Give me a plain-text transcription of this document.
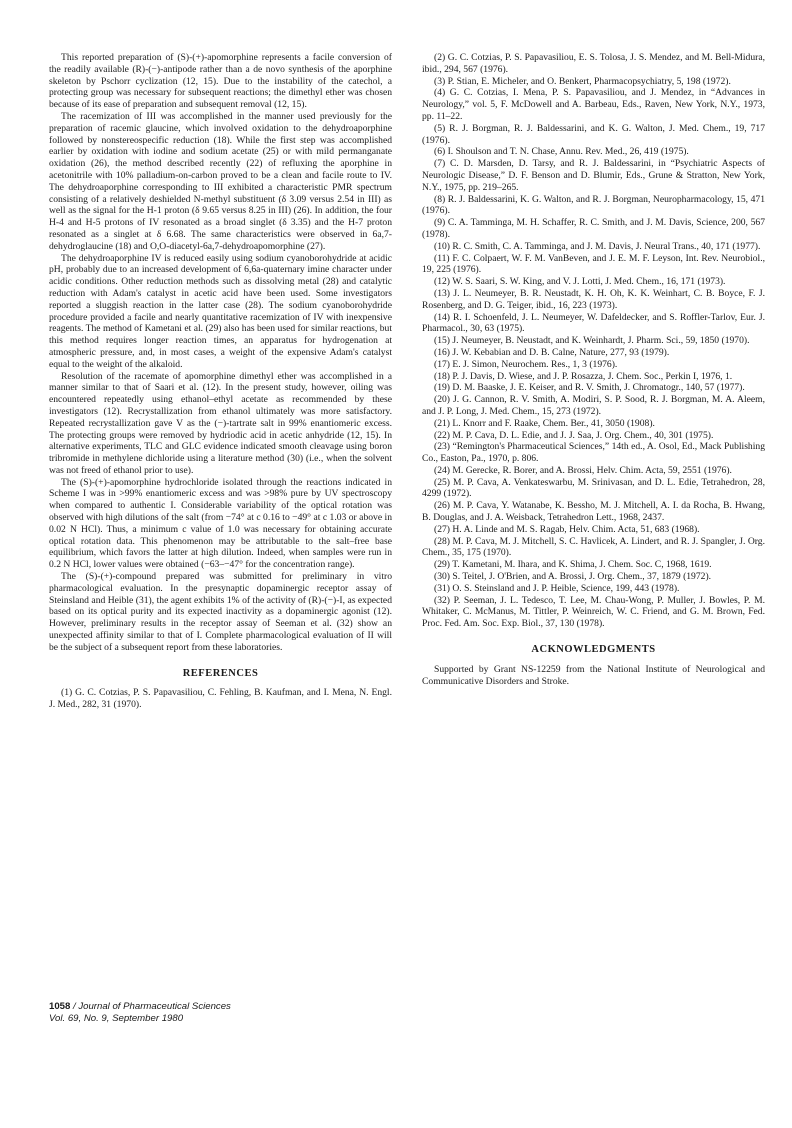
This reported preparation of (S)-(+)-apomorphine represents a facile conversion of the readily available (R)-(−)-antipode rather than a de novo synthesis of the aporphine skeleton by Pschorr cyclization (12, 15). Due to the instability of the catechol, a protecting group was necessary for subsequent reactions; the dimethyl ether was chosen because of its ease of preparation and subsequent removal (12, 15).

The racemization of III was accomplished in the manner used previously for the preparation of racemic glaucine, which involved oxidation to the dehydroaporphine followed by nonstereospecific reduction (18). While the first step was accomplished earlier by oxidation with iodine and sodium acetate (25) or with mild permanganate oxidation (26), the method described recently (22) of refluxing the aporphine in acetonitrile with 10% palladium-on-carbon proved to be a clean and facile route to IV. The dehydroaporphine corresponding to III exhibited a characteristic PMR spectrum consisting of a relatively deshielded N-methyl substituent (δ 3.09 versus 2.54 in III) as well as the signal for the H-1 proton (δ 9.65 versus 8.25 in III) (26). In addition, the four H-4 and H-5 protons of IV resonated as a broad singlet (δ 3.35) and the H-7 proton resonated as a singlet at δ 6.68. The same characteristics were observed in 6a,7-dehydroglaucine (18) and O,O-diacetyl-6a,7-dehydroapomorphine (27).

The dehydroaporphine IV is reduced easily using sodium cyanoborohydride at acidic pH, probably due to an increased development of 6,6a-quaternary imine character under acidic conditions. Other reduction methods such as dissolving metal (28) and catalytic reduction with Adam's catalyst in acetic acid have been used. Some investigators reported a sluggish reaction in the latter case (28). The sodium cyanoborohydride procedure provided a facile and nearly quantitative racemization of IV with inexpensive reagents. The method of Kametani et al. (29) also has been used for similar reactions, but this method requires longer reaction times, an apparatus for hydrogenation at atmospheric pressure, and, in most cases, a weight of the expensive Adam's catalyst equal to the weight of the alkaloid.

Resolution of the racemate of apomorphine dimethyl ether was accomplished in a manner similar to that of Saari et al. (12). In the present study, however, oiling was encountered repeatedly using ethanol–ethyl acetate as recommended by these investigators (12). Recrystallization from ethanol ultimately was more satisfactory. Repeated recrystallization gave V as the (−)-tartrate salt in 99% enantiomeric excess. The protecting groups were removed by hydriodic acid in acetic anhydride (12, 15). In alternative experiments, TLC and GLC evidence indicated smooth cleavage using boron tribromide in methylene dichloride using a literature method (30) (i.e., when the solvent was not freed of ethanol prior to use).

The (S)-(+)-apomorphine hydrochloride isolated through the reactions indicated in Scheme I was in >99% enantiomeric excess and was >98% pure by UV spectroscopy when compared to authentic I. Considerable variability of the optical rotation was observed with high dilutions of the salt (from −74° at c 0.16 to −49° at c 1.03 or above in 0.02 N HCl). Thus, a minimum c value of 1.0 was necessary for obtaining accurate optical rotation data. This phenomenon may be attributable to the salt–free base equilibrium, which favors the latter at high dilution. Indeed, when samples were run in 0.2 N HCl, lower values were obtained (−63–−47° for the concentration range).

The (S)-(+)-compound prepared was submitted for preliminary in vitro pharmacological evaluation. In the presynaptic dopaminergic receptor assay of Steinsland and Heible (31), the agent exhibits 1% of the activity of (R)-(−)-I, as expected based on its optical purity and its expected inactivity as a dopaminergic agonist (12). However, preliminary results in the receptor assay of Seeman et al. (32) show an unexpected affinity similar to that of I. Complete pharmacological evaluation of II will be the subject of a subsequent report from these laboratories.

REFERENCES
(1) G. C. Cotzias, P. S. Papavasiliou, C. Fehling, B. Kaufman, and I. Mena, N. Engl. J. Med., 282, 31 (1970).
(2) G. C. Cotzias, P. S. Papavasiliou, E. S. Tolosa, J. S. Mendez, and M. Bell-Midura, ibid., 294, 567 (1976).
(3) P. Stian, E. Micheler, and O. Benkert, Pharmacopsychiatry, 5, 198 (1972).
(4) G. C. Cotzias, I. Mena, P. S. Papavasiliou, and J. Mendez, in “Advances in Neurology,” vol. 5, F. McDowell and A. Barbeau, Eds., Raven, New York, N.Y., 1973, pp. 11–22.
(5) R. J. Borgman, R. J. Baldessarini, and K. G. Walton, J. Med. Chem., 19, 717 (1976).
(6) I. Shoulson and T. N. Chase, Annu. Rev. Med., 26, 419 (1975).
(7) C. D. Marsden, D. Tarsy, and R. J. Baldessarini, in “Psychiatric Aspects of Neurologic Disease,” D. F. Benson and D. Blumir, Eds., Grune & Stratton, New York, N.Y., 1975, pp. 219–265.
(8) R. J. Baldessarini, K. G. Walton, and R. J. Borgman, Neuropharmacology, 15, 471 (1976).
(9) C. A. Tamminga, M. H. Schaffer, R. C. Smith, and J. M. Davis, Science, 200, 567 (1978).
(10) R. C. Smith, C. A. Tamminga, and J. M. Davis, J. Neural Trans., 40, 171 (1977).
(11) F. C. Colpaert, W. F. M. VanBeven, and J. E. M. F. Leyson, Int. Rev. Neurobiol., 19, 225 (1976).
(12) W. S. Saari, S. W. King, and V. J. Lotti, J. Med. Chem., 16, 171 (1973).
(13) J. L. Neumeyer, B. R. Neustadt, K. H. Oh, K. K. Weinhart, C. B. Boyce, F. J. Rosenberg, and D. G. Teiger, ibid., 16, 223 (1973).
(14) R. I. Schoenfeld, J. L. Neumeyer, W. Dafeldecker, and S. Roffler-Tarlov, Eur. J. Pharmacol., 30, 63 (1975).
(15) J. Neumeyer, B. Neustadt, and K. Weinhardt, J. Pharm. Sci., 59, 1850 (1970).
(16) J. W. Kebabian and D. B. Calne, Nature, 277, 93 (1979).
(17) E. J. Simon, Neurochem. Res., 1, 3 (1976).
(18) P. J. Davis, D. Wiese, and J. P. Rosazza, J. Chem. Soc., Perkin I, 1976, 1.
(19) D. M. Baaske, J. E. Keiser, and R. V. Smith, J. Chromatogr., 140, 57 (1977).
(20) J. G. Cannon, R. V. Smith, A. Modiri, S. P. Sood, R. J. Borgman, M. A. Aleem, and J. P. Long, J. Med. Chem., 15, 273 (1972).
(21) L. Knorr and F. Raake, Chem. Ber., 41, 3050 (1908).
(22) M. P. Cava, D. L. Edie, and J. J. Saa, J. Org. Chem., 40, 301 (1975).
(23) “Remington's Pharmaceutical Sciences,” 14th ed., A. Osol, Ed., Mack Publishing Co., Easton, Pa., 1970, p. 806.
(24) M. Gerecke, R. Borer, and A. Brossi, Helv. Chim. Acta, 59, 2551 (1976).
(25) M. P. Cava, A. Venkateswarbu, M. Srinivasan, and D. L. Edie, Tetrahedron, 28, 4299 (1972).
(26) M. P. Cava, Y. Watanabe, K. Bessho, M. J. Mitchell, A. I. da Rocha, B. Hwang, B. Douglas, and J. A. Weisback, Tetrahedron Lett., 1968, 2437.
(27) H. A. Linde and M. S. Ragab, Helv. Chim. Acta, 51, 683 (1968).
(28) M. P. Cava, M. J. Mitchell, S. C. Havlicek, A. Lindert, and R. J. Spangler, J. Org. Chem., 35, 175 (1970).
(29) T. Kametani, M. Ihara, and K. Shima, J. Chem. Soc. C, 1968, 1619.
(30) S. Teitel, J. O'Brien, and A. Brossi, J. Org. Chem., 37, 1879 (1972).
(31) O. S. Steinsland and J. P. Heible, Science, 199, 443 (1978).
(32) P. Seeman, J. L. Tedesco, T. Lee, M. Chau-Wong, P. Muller, J. Bowles, P. M. Whitaker, C. McManus, M. Tittler, P. Weinreich, W. C. Friend, and G. M. Brown, Fed. Proc. Fed. Am. Soc. Exp. Biol., 37, 130 (1978).
ACKNOWLEDGMENTS
Supported by Grant NS-12259 from the National Institute of Neurological and Communicative Disorders and Stroke.
1058 / Journal of Pharmaceutical Sciences
Vol. 69, No. 9, September 1980
